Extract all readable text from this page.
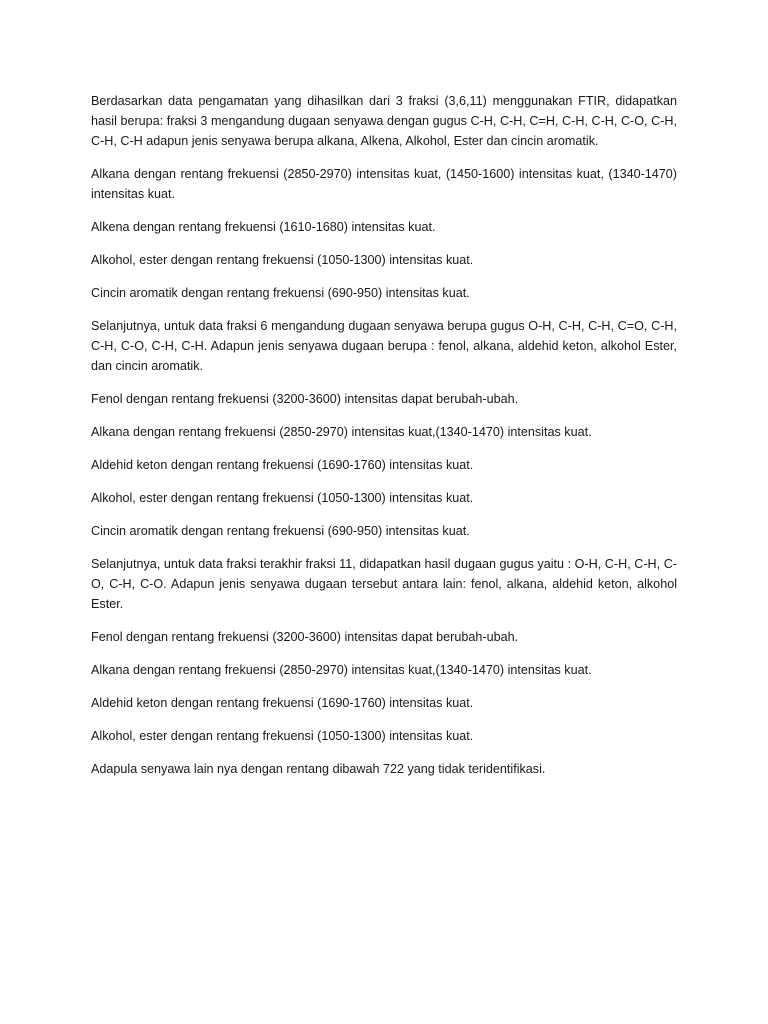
Berdasarkan data pengamatan yang dihasilkan dari 3 fraksi (3,6,11) menggunakan FTIR, didapatkan hasil berupa: fraksi 3 mengandung dugaan senyawa dengan gugus C-H, C-H, C=H, C-H, C-H, C-O, C-H, C-H, C-H adapun jenis senyawa berupa alkana, Alkena, Alkohol, Ester dan cincin aromatik.

Alkana dengan rentang frekuensi (2850-2970) intensitas kuat, (1450-1600) intensitas kuat, (1340-1470) intensitas kuat.

Alkena dengan rentang frekuensi (1610-1680) intensitas kuat.

Alkohol, ester dengan rentang frekuensi (1050-1300) intensitas kuat.

Cincin aromatik dengan rentang frekuensi (690-950) intensitas kuat.

Selanjutnya, untuk data fraksi 6 mengandung dugaan senyawa berupa gugus O-H, C-H, C-H, C=O, C-H, C-H, C-O, C-H, C-H. Adapun jenis senyawa dugaan berupa : fenol, alkana, aldehid keton, alkohol Ester, dan cincin aromatik.

Fenol dengan rentang frekuensi (3200-3600) intensitas dapat berubah-ubah.

Alkana dengan rentang frekuensi (2850-2970) intensitas kuat,(1340-1470) intensitas kuat.

Aldehid keton dengan rentang frekuensi (1690-1760) intensitas kuat.

Alkohol, ester dengan rentang frekuensi (1050-1300) intensitas kuat.

Cincin aromatik dengan rentang frekuensi (690-950) intensitas kuat.

Selanjutnya, untuk data fraksi terakhir fraksi 11, didapatkan hasil dugaan gugus yaitu : O-H, C-H, C-H, C-O, C-H, C-O. Adapun jenis senyawa dugaan tersebut antara lain: fenol, alkana, aldehid keton, alkohol Ester.

Fenol dengan rentang frekuensi (3200-3600) intensitas dapat berubah-ubah.

Alkana dengan rentang frekuensi (2850-2970) intensitas kuat,(1340-1470) intensitas kuat.

Aldehid keton dengan rentang frekuensi (1690-1760) intensitas kuat.

Alkohol, ester dengan rentang frekuensi (1050-1300) intensitas kuat.

Adapula senyawa lain nya dengan rentang dibawah 722 yang tidak teridentifikasi.
